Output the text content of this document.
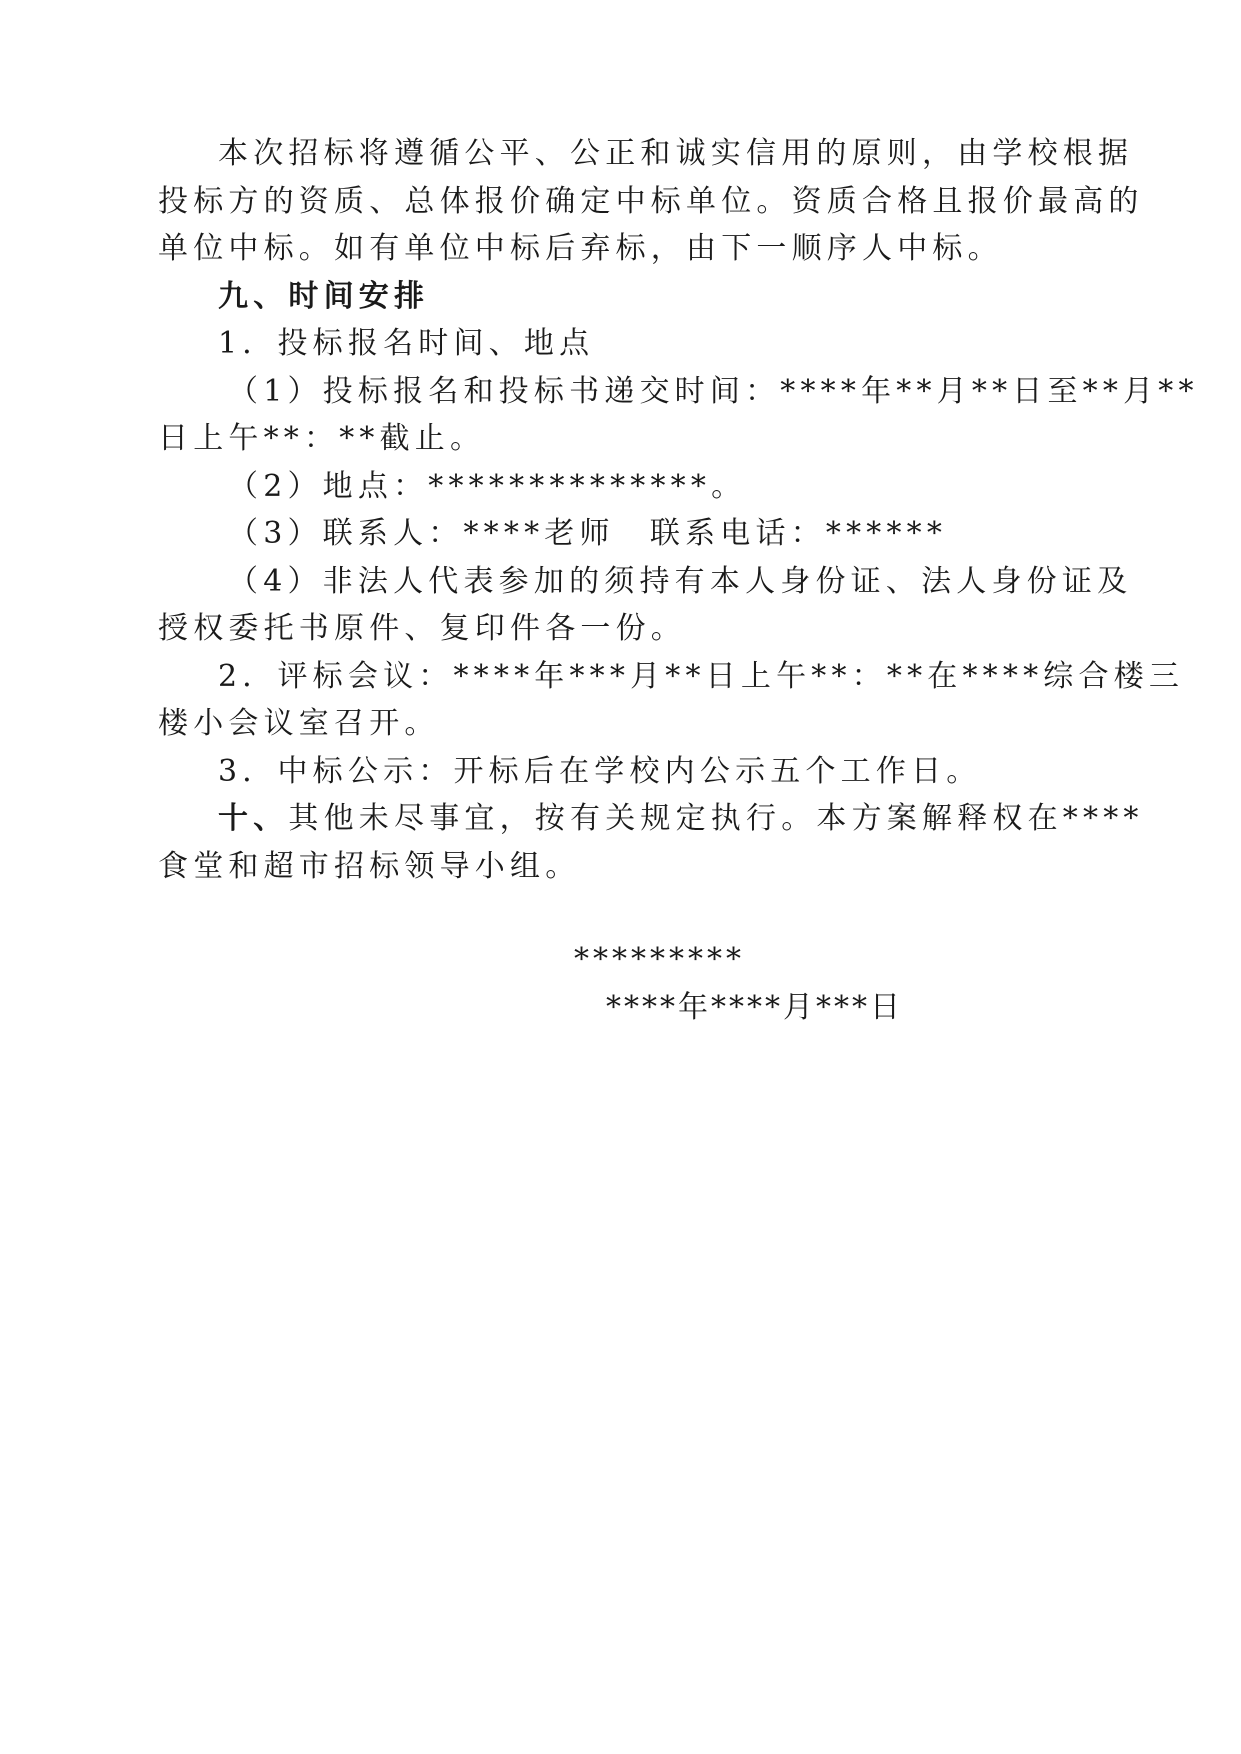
本次招标将遵循公平、公正和诚实信用的原则，由学校根据
投标方的资质、总体报价确定中标单位。资质合格且报价最高的
单位中标。如有单位中标后弃标，由下一顺序人中标。
九、时间安排
1．投标报名时间、地点
（1）投标报名和投标书递交时间：****年**月**日至**月**
日上午**：**截止。
（2）地点：**************。
（3）联系人：****老师　联系电话：******
（4）非法人代表参加的须持有本人身份证、法人身份证及
授权委托书原件、复印件各一份。
2．评标会议：****年***月**日上午**：**在****综合楼三
楼小会议室召开。
3．中标公示：开标后在学校内公示五个工作日。
十、其他未尽事宜，按有关规定执行。本方案解释权在****
食堂和超市招标领导小组。
*********
****年****月***日
